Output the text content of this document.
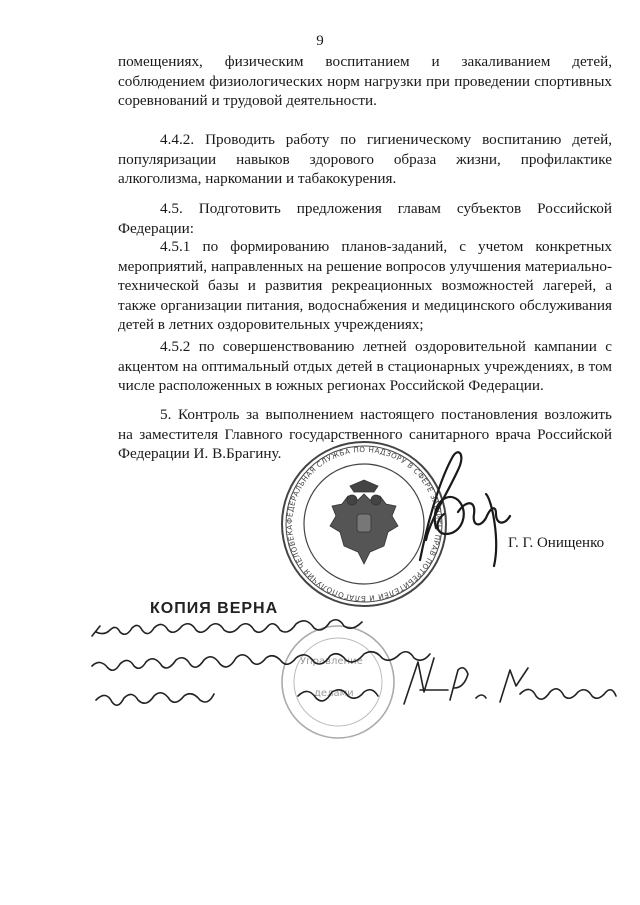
9

помещениях, физическим воспитанием и закаливанием детей, соблюдением физиологических норм нагрузки при проведении спортивных соревнований и трудовой деятельности.

4.4.2. Проводить работу по гигиеническому воспитанию детей, популяризации навыков здорового образа жизни, профилактике алкоголизма, наркомании и табакокурения.

4.5. Подготовить предложения главам субъектов Российской Федерации:

4.5.1 по формированию планов-заданий, с учетом конкретных мероприятий, направленных на решение вопросов улучшения материально-технической базы и развития рекреационных возможностей лагерей, а также организации питания, водоснабжения и медицинского обслуживания детей в летних оздоровительных учреждениях;

4.5.2 по совершенствованию летней оздоровительной кампании с акцентом на оптимальный отдых детей в стационарных учреждениях, в том числе расположенных в южных регионах Российской Федерации.

5. Контроль за выполнением настоящего постановления возложить на заместителя Главного государственного санитарного врача Российской Федерации И. В.Брагину.

ФЕДЕРАЛЬНАЯ СЛУЖБА ПО НАДЗОРУ В СФЕРЕ ЗАЩИТЫ ПРАВ ПОТРЕБИТЕЛЕЙ И БЛАГОПОЛУЧИЯ ЧЕЛОВЕКА
Г. Г. Онищенко
Управление
делами
КОПИЯ ВЕРНА
